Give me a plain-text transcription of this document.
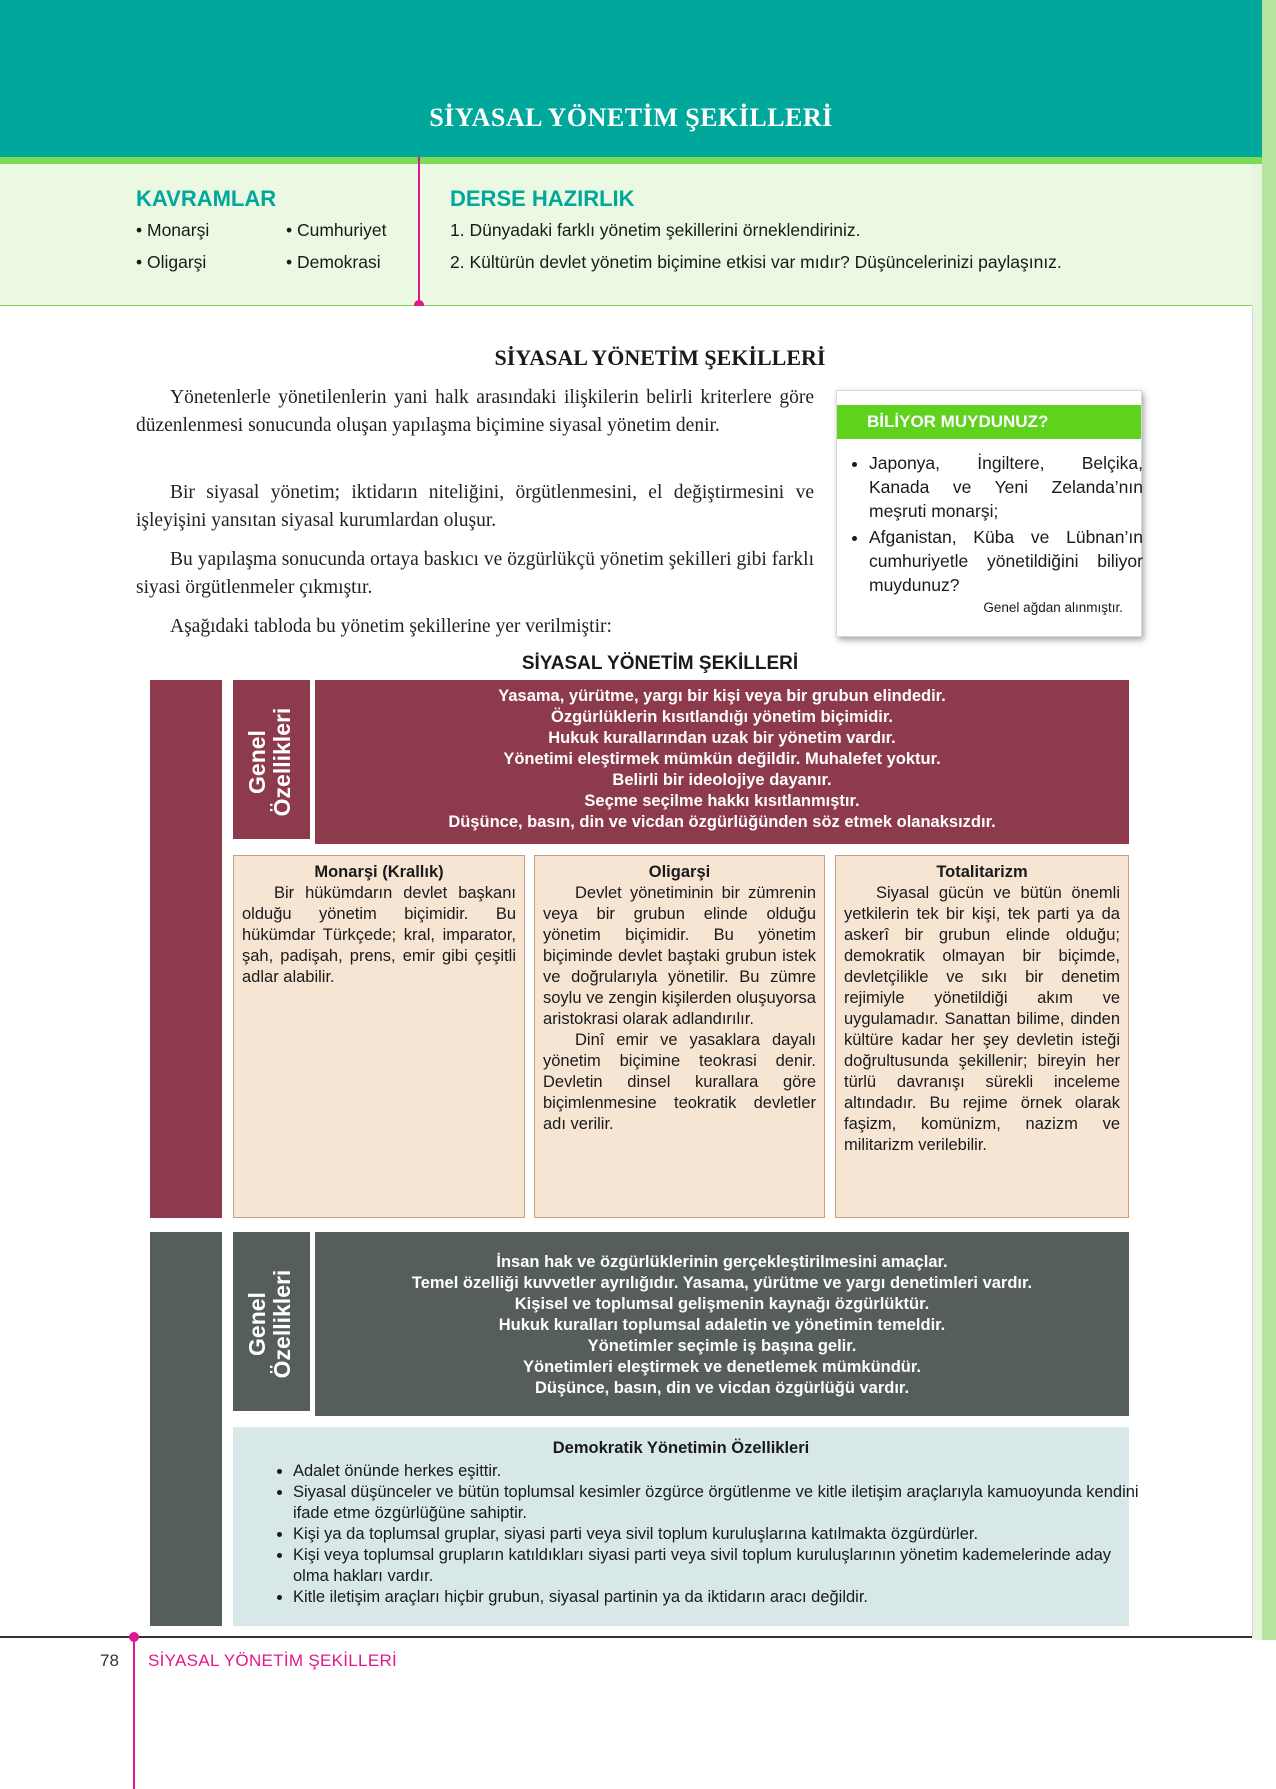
SİYASAL YÖNETİM ŞEKİLLERİ
KAVRAMLAR
• Monarşi
• Oligarşi
• Cumhuriyet
• Demokrasi
DERSE HAZIRLIK
1. Dünyadaki farklı yönetim şekillerini örneklendiriniz.
2. Kültürün devlet yönetim biçimine etkisi var mıdır? Düşüncelerinizi paylaşınız.
SİYASAL YÖNETİM ŞEKİLLERİ
Yönetenlerle yönetilenlerin yani halk arasındaki ilişkilerin belirli kriterlere göre düzenlenmesi sonucunda oluşan yapılaşma biçimine siyasal yönetim denir.
Bir siyasal yönetim; iktidarın niteliğini, örgütlenmesini, el değiştirmesini ve işleyişini yansıtan siyasal kurumlardan oluşur.
Bu yapılaşma sonucunda ortaya baskıcı ve özgürlükçü yönetim şekilleri gibi farklı siyasi örgütlenmeler çıkmıştır.
Aşağıdaki tabloda bu yönetim şekillerine yer verilmiştir:
BİLİYOR MUYDUNUZ?
• Japonya, İngiltere, Belçika, Kanada ve Yeni Zelanda’nın meşruti monarşi;
• Afganistan, Küba ve Lübnan’ın cumhuriyetle yönetildiğini biliyor muydunuz?
Genel ağdan alınmıştır.
SİYASAL YÖNETİM ŞEKİLLERİ
Genel Özellikleri
Yasama, yürütme, yargı bir kişi veya bir grubun elindedir.
Özgürlüklerin kısıtlandığı yönetim biçimidir.
Hukuk kurallarından uzak bir yönetim vardır.
Yönetimi eleştirmek mümkün değildir. Muhalefet yoktur.
Belirli bir ideolojiye dayanır.
Seçme seçilme hakkı kısıtlanmıştır.
Düşünce, basın, din ve vicdan özgürlüğünden söz etmek olanaksızdır.
Monarşi (Krallık)

Bir hükümdarın devlet başkanı olduğu yönetim biçimidir. Bu hükümdar Türkçede; kral, imparator, şah, padişah, prens, emir gibi çeşitli adlar alabilir.

Oligarşi

Devlet yönetiminin bir zümrenin veya bir grubun elinde olduğu yönetim biçimidir. Bu yönetim biçiminde devlet baştaki grubun istek ve doğrularıyla yönetilir. Bu zümre soylu ve zengin kişilerden oluşuyorsa aristokrasi olarak adlandırılır.

Dinî emir ve yasaklara dayalı yönetim biçimine teokrasi denir. Devletin dinsel kurallara göre biçimlenmesine teokratik devletler adı verilir.

Totalitarizm

Siyasal gücün ve bütün önemli yetkilerin tek bir kişi, tek parti ya da askerî bir grubun elinde olduğu; demokratik olmayan bir biçimde, devletçilikle ve sıkı bir denetim rejimiyle yönetildiği akım ve uygulamadır. Sanattan bilime, dinden kültüre kadar her şey devletin isteği doğrultusunda şekillenir; bireyin her türlü davranışı sürekli inceleme altındadır. Bu rejime örnek olarak faşizm, komünizm, nazizm ve militarizm verilebilir.

Genel Özellikleri
İnsan hak ve özgürlüklerinin gerçekleştirilmesini amaçlar.
Temel özelliği kuvvetler ayrılığıdır. Yasama, yürütme ve yargı denetimleri vardır.
Kişisel ve toplumsal gelişmenin kaynağı özgürlüktür.
Hukuk kuralları toplumsal adaletin ve yönetimin temeldir.
Yönetimler seçimle iş başına gelir.
Yönetimleri eleştirmek ve denetlemek mümkündür.
Düşünce, basın, din ve vicdan özgürlüğü vardır.
Demokratik Yönetimin Özellikleri
• Adalet önünde herkes eşittir.
• Siyasal düşünceler ve bütün toplumsal kesimler özgürce örgütlenme ve kitle iletişim araçlarıyla kamuoyunda kendini ifade etme özgürlüğüne sahiptir.
• Kişi ya da toplumsal gruplar, siyasi parti veya sivil toplum kuruluşlarına katılmakta özgürdürler.
• Kişi veya toplumsal grupların katıldıkları siyasi parti veya sivil toplum kuruluşlarının yönetim kademelerinde aday olma hakları vardır.
• Kitle iletişim araçları hiçbir grubun, siyasal partinin ya da iktidarın aracı değildir.
78 SİYASAL YÖNETİM ŞEKİLLERİ
